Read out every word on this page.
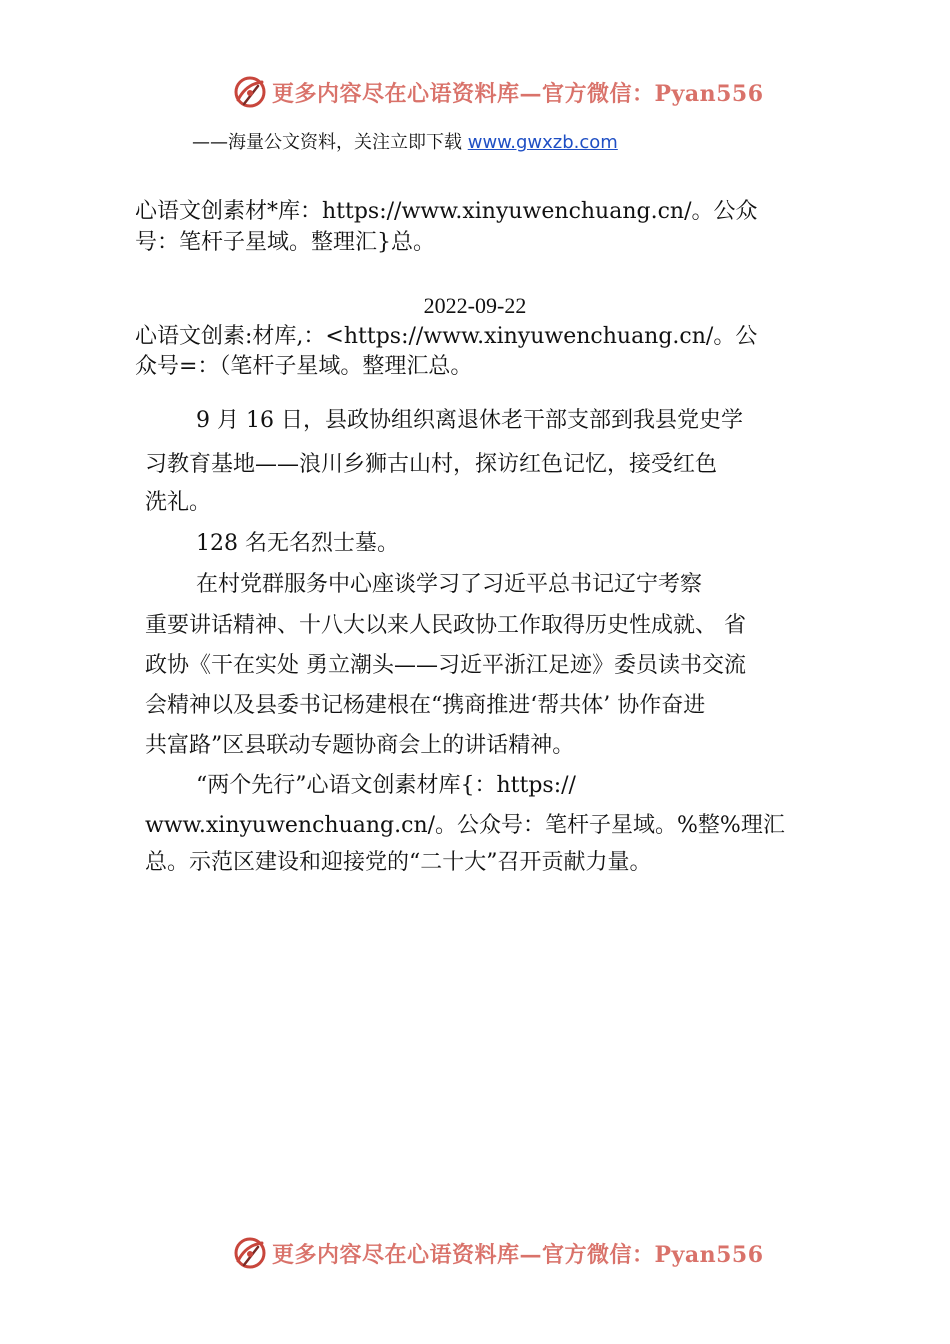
更多内容尽在心语资料库—官方微信：Pyan556
——海量公文资料，关注立即下载 www.gwxzb.com
心语文创素材*库：https://www.xinyuwenchuang.cn/。公众
号：笔杆子星域。整理汇}总。
2022-09-22
心语文创素:材库,：<https://www.xinyuwenchuang.cn/。公
众号=：（笔杆子星域。整理汇总。
9 月 16 日，县政协组织离退休老干部支部到我县党史学
习教育基地——浪川乡狮古山村，探访红色记忆，接受红色
洗礼。
128 名无名烈士墓。
在村党群服务中心座谈学习了习近平总书记辽宁考察
重要讲话精神、十八大以来人民政协工作取得历史性成就、 省
政协《干在实处 勇立潮头——习近平浙江足迹》委员读书交流
会精神以及县委书记杨建根在“携商推进‘帮共体’ 协作奋进
共富路”区县联动专题协商会上的讲话精神。
“两个先行”心语文创素材库{：https://
www.xinyuwenchuang.cn/。公众号：笔杆子星域。%整%理汇
总。示范区建设和迎接党的“二十大”召开贡献力量。
更多内容尽在心语资料库—官方微信：Pyan556
